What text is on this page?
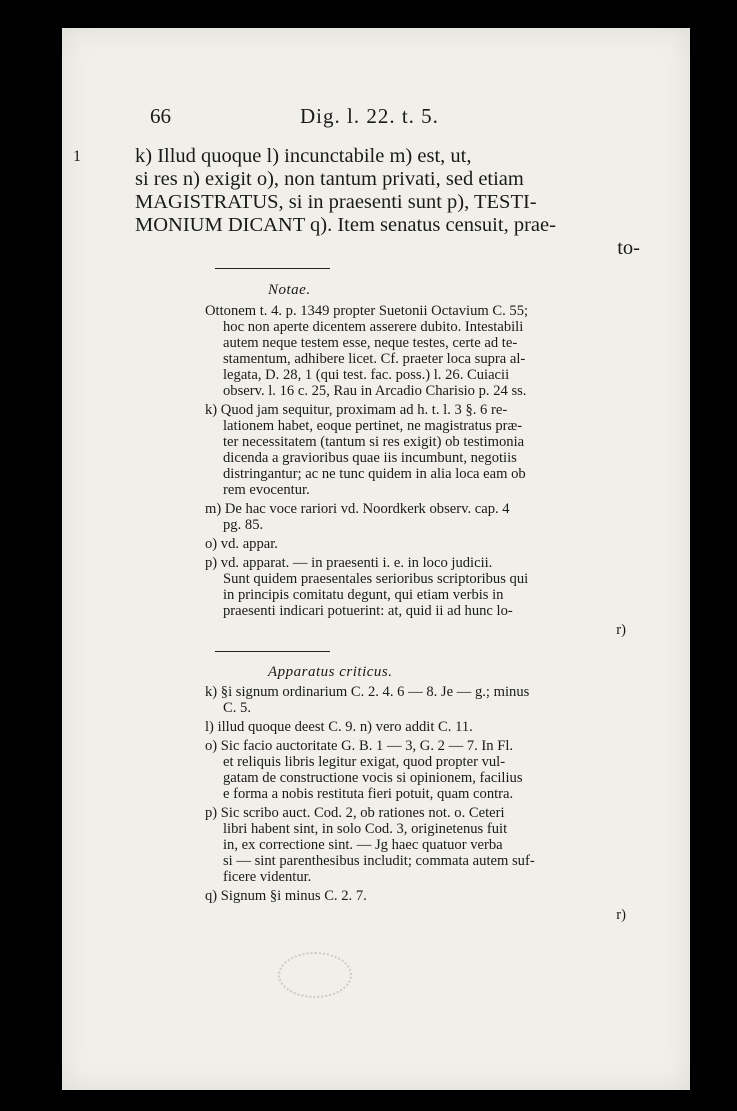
66	Dig. l. 22. t. 5.
1	k) Illud quoque l) incunctabile m) est, ut,
si res n) exigit o), non tantum privati, sed etiam
MAGISTRATUS, si in praesenti sunt p), TESTI-
MONIUM DICANT q). Item senatus censuit, prae-
to-
Notae.
Ottonem t. 4. p. 1349 propter Suetonii Octavium C. 55;
hoc non aperte dicentem asserere dubito. Intestabili
autem neque testem esse, neque testes, certe ad te-
stamentum, adhibere licet. Cf. praeter loca supra al-
legata, D. 28, 1 (qui test. fac. poss.) l. 26. Cuiacii
observ. l. 16 c. 25, Rau in Arcadio Charisio p. 24 ss.
k) Quod jam sequitur, proximam ad h. t. l. 3 §. 6 re-
lationem habet, eoque pertinet, ne magistratus præ-
ter necessitatem (tantum si res exigit) ob testimonia
dicenda a gravioribus quae iis incumbunt, negotiis
distringantur; ac ne tunc quidem in alia loca eam ob
rem evocentur.
m) De hac voce rariori vd. Noordkerk observ. cap. 4
pg. 85.
o) vd. appar.
p) vd. apparat. — in praesenti i. e. in loco judicii.
Sunt quidem praesentales serioribus scriptoribus qui
in principis comitatu degunt, qui etiam verbis in
praesenti indicari potuerint: at, quid ii ad hunc lo-
r)
Apparatus criticus.
k) §i signum ordinarium C. 2. 4. 6 — 8. Je — g.; minus
C. 5.
l) illud quoque deest C. 9. n) vero addit C. 11.
o) Sic facio auctoritate G. B. 1 — 3, G. 2 — 7. In Fl.
et reliquis libris legitur exigat, quod propter vul-
gatam de constructione vocis si opinionem, facilius
e forma a nobis restituta fieri potuit, quam contra.
p) Sic scribo auct. Cod. 2, ob rationes not. o. Ceteri
libri habent sint, in solo Cod. 3, originetenus fuit
in, ex correctione sint. — Jg haec quatuor verba
si — sint parenthesibus includit; commata autem suf-
ficere videntur.
q) Signum §i minus C. 2. 7.
r)
